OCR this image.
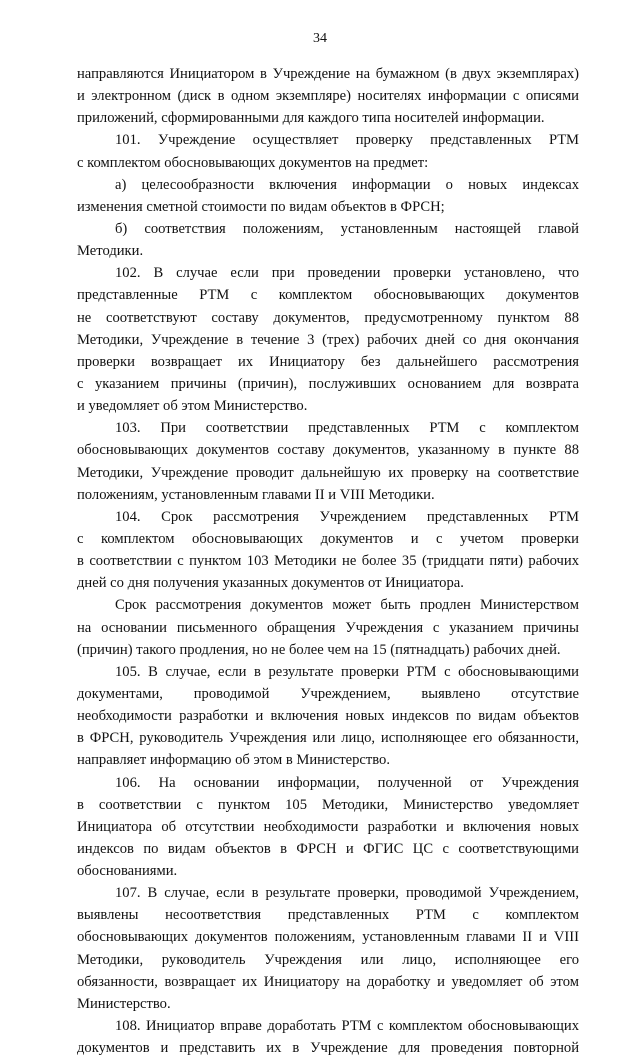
34
направляются Инициатором в Учреждение на бумажном (в двух экземплярах)
и электронном (диск в одном экземпляре) носителях информации с описями
приложений, сформированными для каждого типа носителей информации.
101. Учреждение осуществляет проверку представленных РТМ
с комплектом обосновывающих документов на предмет:
а) целесообразности включения информации о новых индексах
изменения сметной стоимости по видам объектов в ФРСН;
б) соответствия положениям, установленным настоящей главой
Методики.
102. В случае если при проведении проверки установлено, что
представленные РТМ с комплектом обосновывающих документов
не соответствуют составу документов, предусмотренному пунктом 88
Методики, Учреждение в течение 3 (трех) рабочих дней со дня окончания
проверки возвращает их Инициатору без дальнейшего рассмотрения
с указанием причины (причин), послуживших основанием для возврата
и уведомляет об этом Министерство.
103. При соответствии представленных РТМ с комплектом
обосновывающих документов составу документов, указанному в пункте 88
Методики, Учреждение проводит дальнейшую их проверку на соответствие
положениям, установленным главами II и VIII Методики.
104. Срок рассмотрения Учреждением представленных РТМ
с комплектом обосновывающих документов и с учетом проверки
в соответствии с пунктом 103 Методики не более 35 (тридцати пяти) рабочих
дней со дня получения указанных документов от Инициатора.
Срок рассмотрения документов может быть продлен Министерством
на основании письменного обращения Учреждения с указанием причины
(причин) такого продления, но не более чем на 15 (пятнадцать) рабочих дней.
105. В случае, если в результате проверки РТМ с обосновывающими
документами, проводимой Учреждением, выявлено отсутствие
необходимости разработки и включения новых индексов по видам объектов
в ФРСН, руководитель Учреждения или лицо, исполняющее его обязанности,
направляет информацию об этом в Министерство.
106. На основании информации, полученной от Учреждения
в соответствии с пунктом 105 Методики, Министерство уведомляет
Инициатора об отсутствии необходимости разработки и включения новых
индексов по видам объектов в ФРСН и ФГИС ЦС с соответствующими
обоснованиями.
107. В случае, если в результате проверки, проводимой Учреждением,
выявлены несоответствия представленных РТМ с комплектом
обосновывающих документов положениям, установленным главами II и VIII
Методики, руководитель Учреждения или лицо, исполняющее его
обязанности, возвращает их Инициатору на доработку и уведомляет об этом
Министерство.
108. Инициатор вправе доработать РТМ с комплектом обосновывающих
документов и представить их в Учреждение для проведения повторной
